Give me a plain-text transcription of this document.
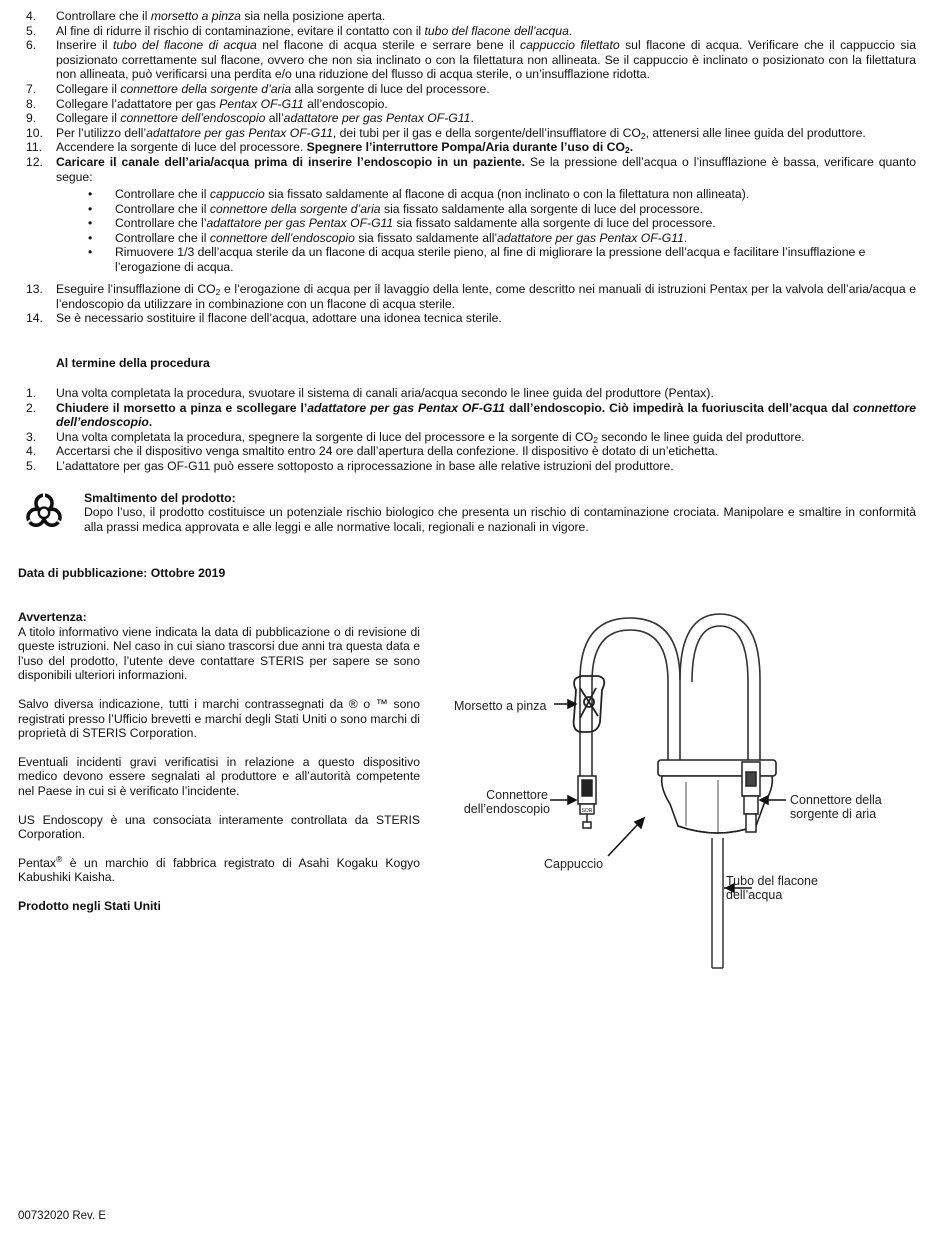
4. Controllare che il morsetto a pinza sia nella posizione aperta.
5. Al fine di ridurre il rischio di contaminazione, evitare il contatto con il tubo del flacone dell’acqua.
6. Inserire il tubo del flacone di acqua nel flacone di acqua sterile e serrare bene il cappuccio filettato sul flacone di acqua. Verificare che il cappuccio sia posizionato correttamente sul flacone, ovvero che non sia inclinato o con la filettatura non allineata. Se il cappuccio è inclinato o posizionato con la filettatura non allineata, può verificarsi una perdita e/o una riduzione del flusso di acqua sterile, o un’insufflazione ridotta.
7. Collegare il connettore della sorgente d’aria alla sorgente di luce del processore.
8. Collegare l’adattatore per gas Pentax OF-G11 all’endoscopio.
9. Collegare il connettore dell’endoscopio all’adattatore per gas Pentax OF-G11.
10. Per l’utilizzo dell’adattatore per gas Pentax OF-G11, dei tubi per il gas e della sorgente/dell’insufflatore di $CO_2$, attenersi alle linee guida del produttore.
11. Accendere la sorgente di luce del processore. Spegnere l’interruttore Pompa/Aria durante l’uso di $CO_2$.
12. Caricare il canale dell’aria/acqua prima di inserire l’endoscopio in un paziente. Se la pressione dell’acqua o l’insufflazione è bassa, verificare quanto segue:
• Controllare che il cappuccio sia fissato saldamente al flacone di acqua (non inclinato o con la filettatura non allineata).
• Controllare che il connettore della sorgente d’aria sia fissato saldamente alla sorgente di luce del processore.
• Controllare che l’adattatore per gas Pentax OF-G11 sia fissato saldamente alla sorgente di luce del processore.
• Controllare che il connettore dell’endoscopio sia fissato saldamente all’adattatore per gas Pentax OF-G11.
• Rimuovere 1/3 dell’acqua sterile da un flacone di acqua sterile pieno, al fine di migliorare la pressione dell’acqua e facilitare l’insufflazione e l’erogazione di acqua.
13. Eseguire l’insufflazione di $CO_2$ e l’erogazione di acqua per il lavaggio della lente, come descritto nei manuali di istruzioni Pentax per la valvola dell’aria/acqua e l’endoscopio da utilizzare in combinazione con un flacone di acqua sterile.
14. Se è necessario sostituire il flacone dell’acqua, adottare una idonea tecnica sterile.
Al termine della procedura
1. Una volta completata la procedura, svuotare il sistema di canali aria/acqua secondo le linee guida del produttore (Pentax).
2. Chiudere il morsetto a pinza e scollegare l’adattatore per gas Pentax OF-G11 dall’endoscopio. Ciò impedirà la fuoriuscita dell’acqua dal connettore dell’endoscopio.
3. Una volta completata la procedura, spegnere la sorgente di luce del processore e la sorgente di $CO_2$ secondo le linee guida del produttore.
4. Accertarsi che il dispositivo venga smaltito entro 24 ore dall’apertura della confezione. Il dispositivo è dotato di un’etichetta.
5. L’adattatore per gas OF-G11 può essere sottoposto a riprocessazione in base alle relative istruzioni del produttore.
Smaltimento del prodotto:
Dopo l’uso, il prodotto costituisce un potenziale rischio biologico che presenta un rischio di contaminazione crociata. Manipolare e smaltire in conformità alla prassi medica approvata e alle leggi e alle normative locali, regionali e nazionali in vigore.
Data di pubblicazione: Ottobre 2019
Avvertenza:
A titolo informativo viene indicata la data di pubblicazione o di revisione di queste istruzioni. Nel caso in cui siano trascorsi due anni tra questa data e l’uso del prodotto, l’utente deve contattare STERIS per sapere se sono disponibili ulteriori informazioni.
Salvo diversa indicazione, tutti i marchi contrassegnati da ® o ™ sono registrati presso l’Ufficio brevetti e marchi degli Stati Uniti o sono marchi di proprietà di STERIS Corporation.
Eventuali incidenti gravi verificatisi in relazione a questo dispositivo medico devono essere segnalati al produttore e all’autorità competente nel Paese in cui si è verificato l’incidente.
US Endoscopy è una consociata interamente controllata da STERIS Corporation.
Pentax® è un marchio di fabbrica registrato di Asahi Kogaku Kogyo Kabushiki Kaisha.
Prodotto negli Stati Uniti
SOR
Morsetto a pinza
Connettore
dell’endoscopio
Connettore della
sorgente di aria
Cappuccio
Tubo del flacone
dell’acqua
00732020 Rev. E
